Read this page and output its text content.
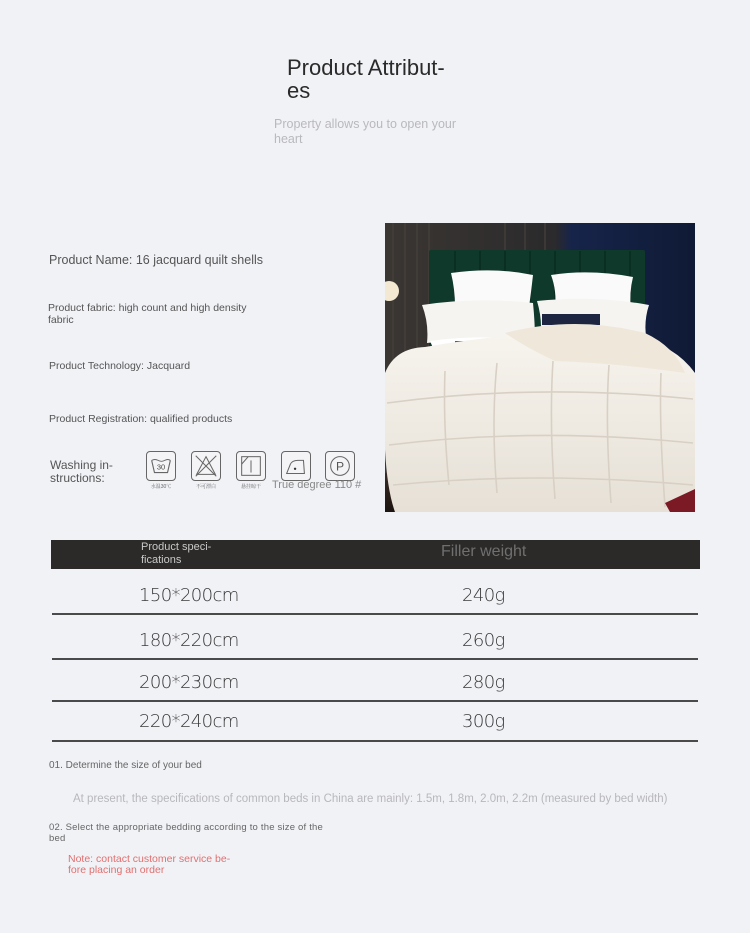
Product Attribut-
es
Property allows you to open your heart
Product Name: 16 jacquard quilt shells
Product fabric: high count and high density fabric
Product Technology: Jacquard
Product Registration: qualified products
Washing in- structions:
30
水温30℃	不可漂白	悬挂晾干
P
True degree 110 #
Product speci- fications	Filler weight
150*200cm	240g
180*220cm	260g
200*230cm	280g
220*240cm	300g
01. Determine the size of your bed
At present, the specifications of common beds in China are mainly: 1.5m, 1.8m, 2.0m, 2.2m (measured by bed width)
02. Select the appropriate bedding according to the size of the bed
Note: contact customer service be- fore placing an order
